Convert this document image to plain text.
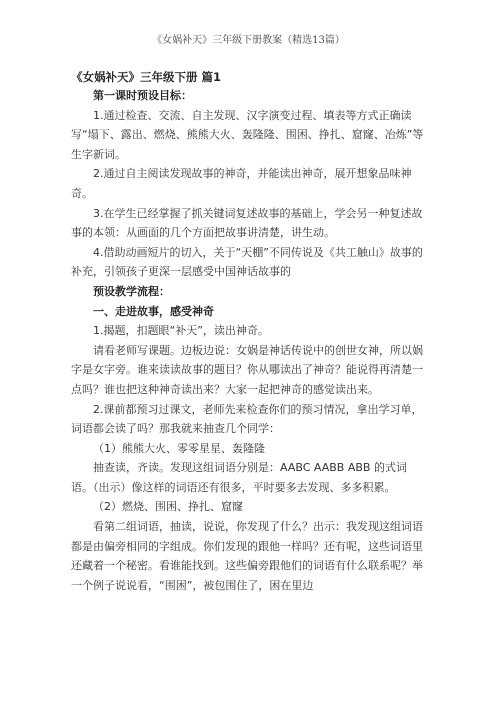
《女娲补天》三年级下册教案（精选13篇）
《女娲补天》三年级下册 篇1

第一课时预设目标：

1.通过检查、交流、自主发现、汉字演变过程、填表等方式正确读写“塌下、露出、燃烧、熊熊大火、轰隆隆、围困、挣扎、窟窿、冶炼”等生字新词。

2.通过自主阅读发现故事的神奇，并能读出神奇，展开想象品味神奇。

3.在学生已经掌握了抓关键词复述故事的基础上，学会另一种复述故事的本领：从画面的几个方面把故事讲清楚，讲生动。

4.借助动画短片的切入，关于“天棚”不同传说及《共工触山》故事的补充，引领孩子更深一层感受中国神话故事的

预设教学流程：

一、走进故事，感受神奇

1.揭题，扣题眼“补天”，读出神奇。

请看老师写课题。边板边说：女娲是神话传说中的创世女神，所以娲字是女字旁。谁来读读故事的题目？你从哪读出了神奇？能说得再清楚一点吗？谁也把这种神奇读出来？大家一起把神奇的感觉读出来。

2.课前都预习过课文，老师先来检查你们的预习情况，拿出学习单，词语都会读了吗？那我就来抽查几个同学：

（1）熊熊大火、零零星星、轰隆隆

抽查读，齐读。发现这组词语分别是：AABC AABB ABB 的式词语。（出示）像这样的词语还有很多，平时要多去发现、多多积累。

（2）燃烧、围困、挣扎、窟窿

看第二组词语，抽读，说说，你发现了什么？出示：我发现这组词语都是由偏旁相同的字组成。你们发现的跟他一样吗？还有呢，这些词语里还藏着一个秘密。看谁能找到。这些偏旁跟他们的词语有什么联系呢？举一个例子说说看，“围困”，被包围住了，困在里边
